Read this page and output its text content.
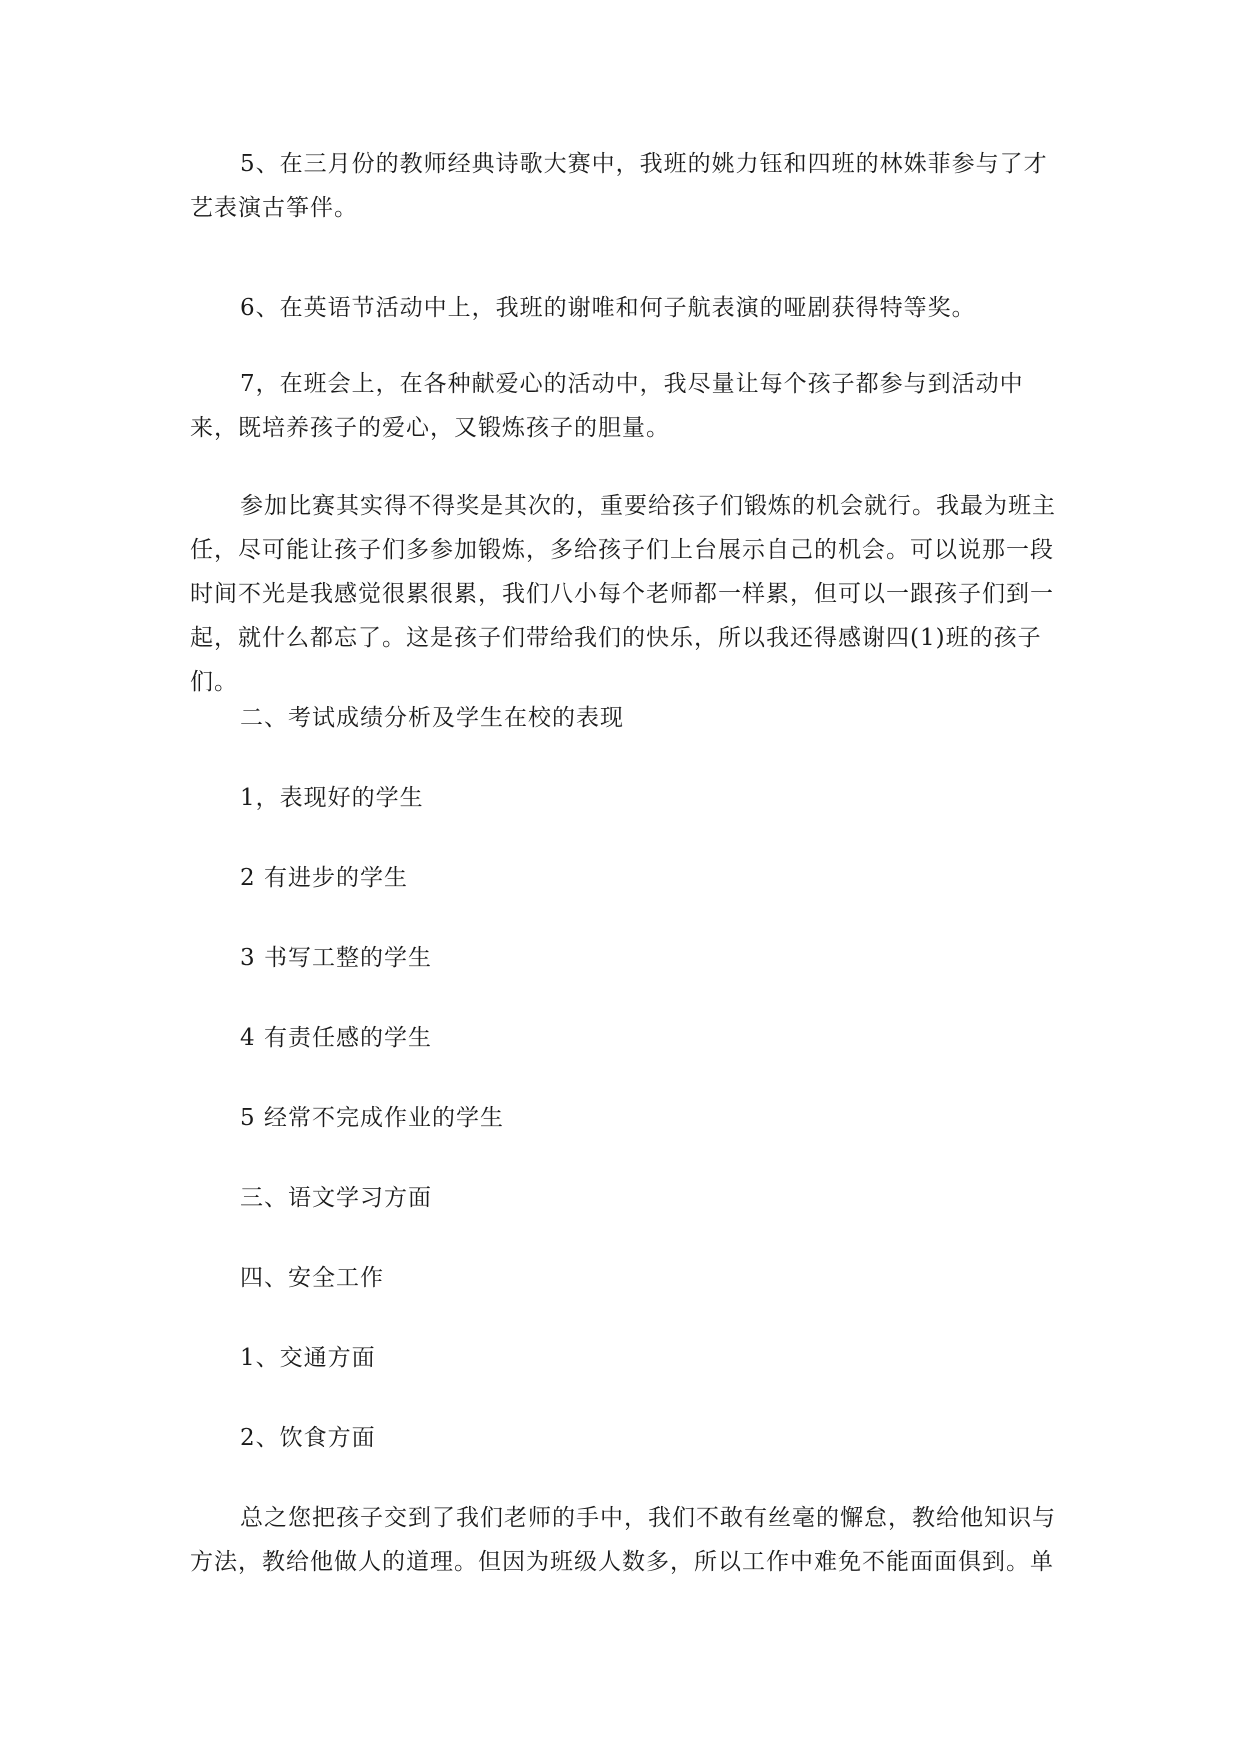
5、在三月份的教师经典诗歌大赛中，我班的姚力钰和四班的林姝菲参与了才艺表演古筝伴。

6、在英语节活动中上，我班的谢唯和何子航表演的哑剧获得特等奖。

7，在班会上，在各种献爱心的活动中，我尽量让每个孩子都参与到活动中来，既培养孩子的爱心，又锻炼孩子的胆量。

参加比赛其实得不得奖是其次的，重要给孩子们锻炼的机会就行。我最为班主任，尽可能让孩子们多参加锻炼，多给孩子们上台展示自己的机会。可以说那一段时间不光是我感觉很累很累，我们八小每个老师都一样累，但可以一跟孩子们到一起，就什么都忘了。这是孩子们带给我们的快乐，所以我还得感谢四(1)班的孩子们。

二、考试成绩分析及学生在校的表现

1，表现好的学生

2 有进步的学生

3 书写工整的学生

4 有责任感的学生

5 经常不完成作业的学生

三、语文学习方面

四、安全工作

1、交通方面

2、饮食方面

总之您把孩子交到了我们老师的手中，我们不敢有丝毫的懈怠，教给他知识与方法，教给他做人的道理。但因为班级人数多，所以工作中难免不能面面俱到。单
